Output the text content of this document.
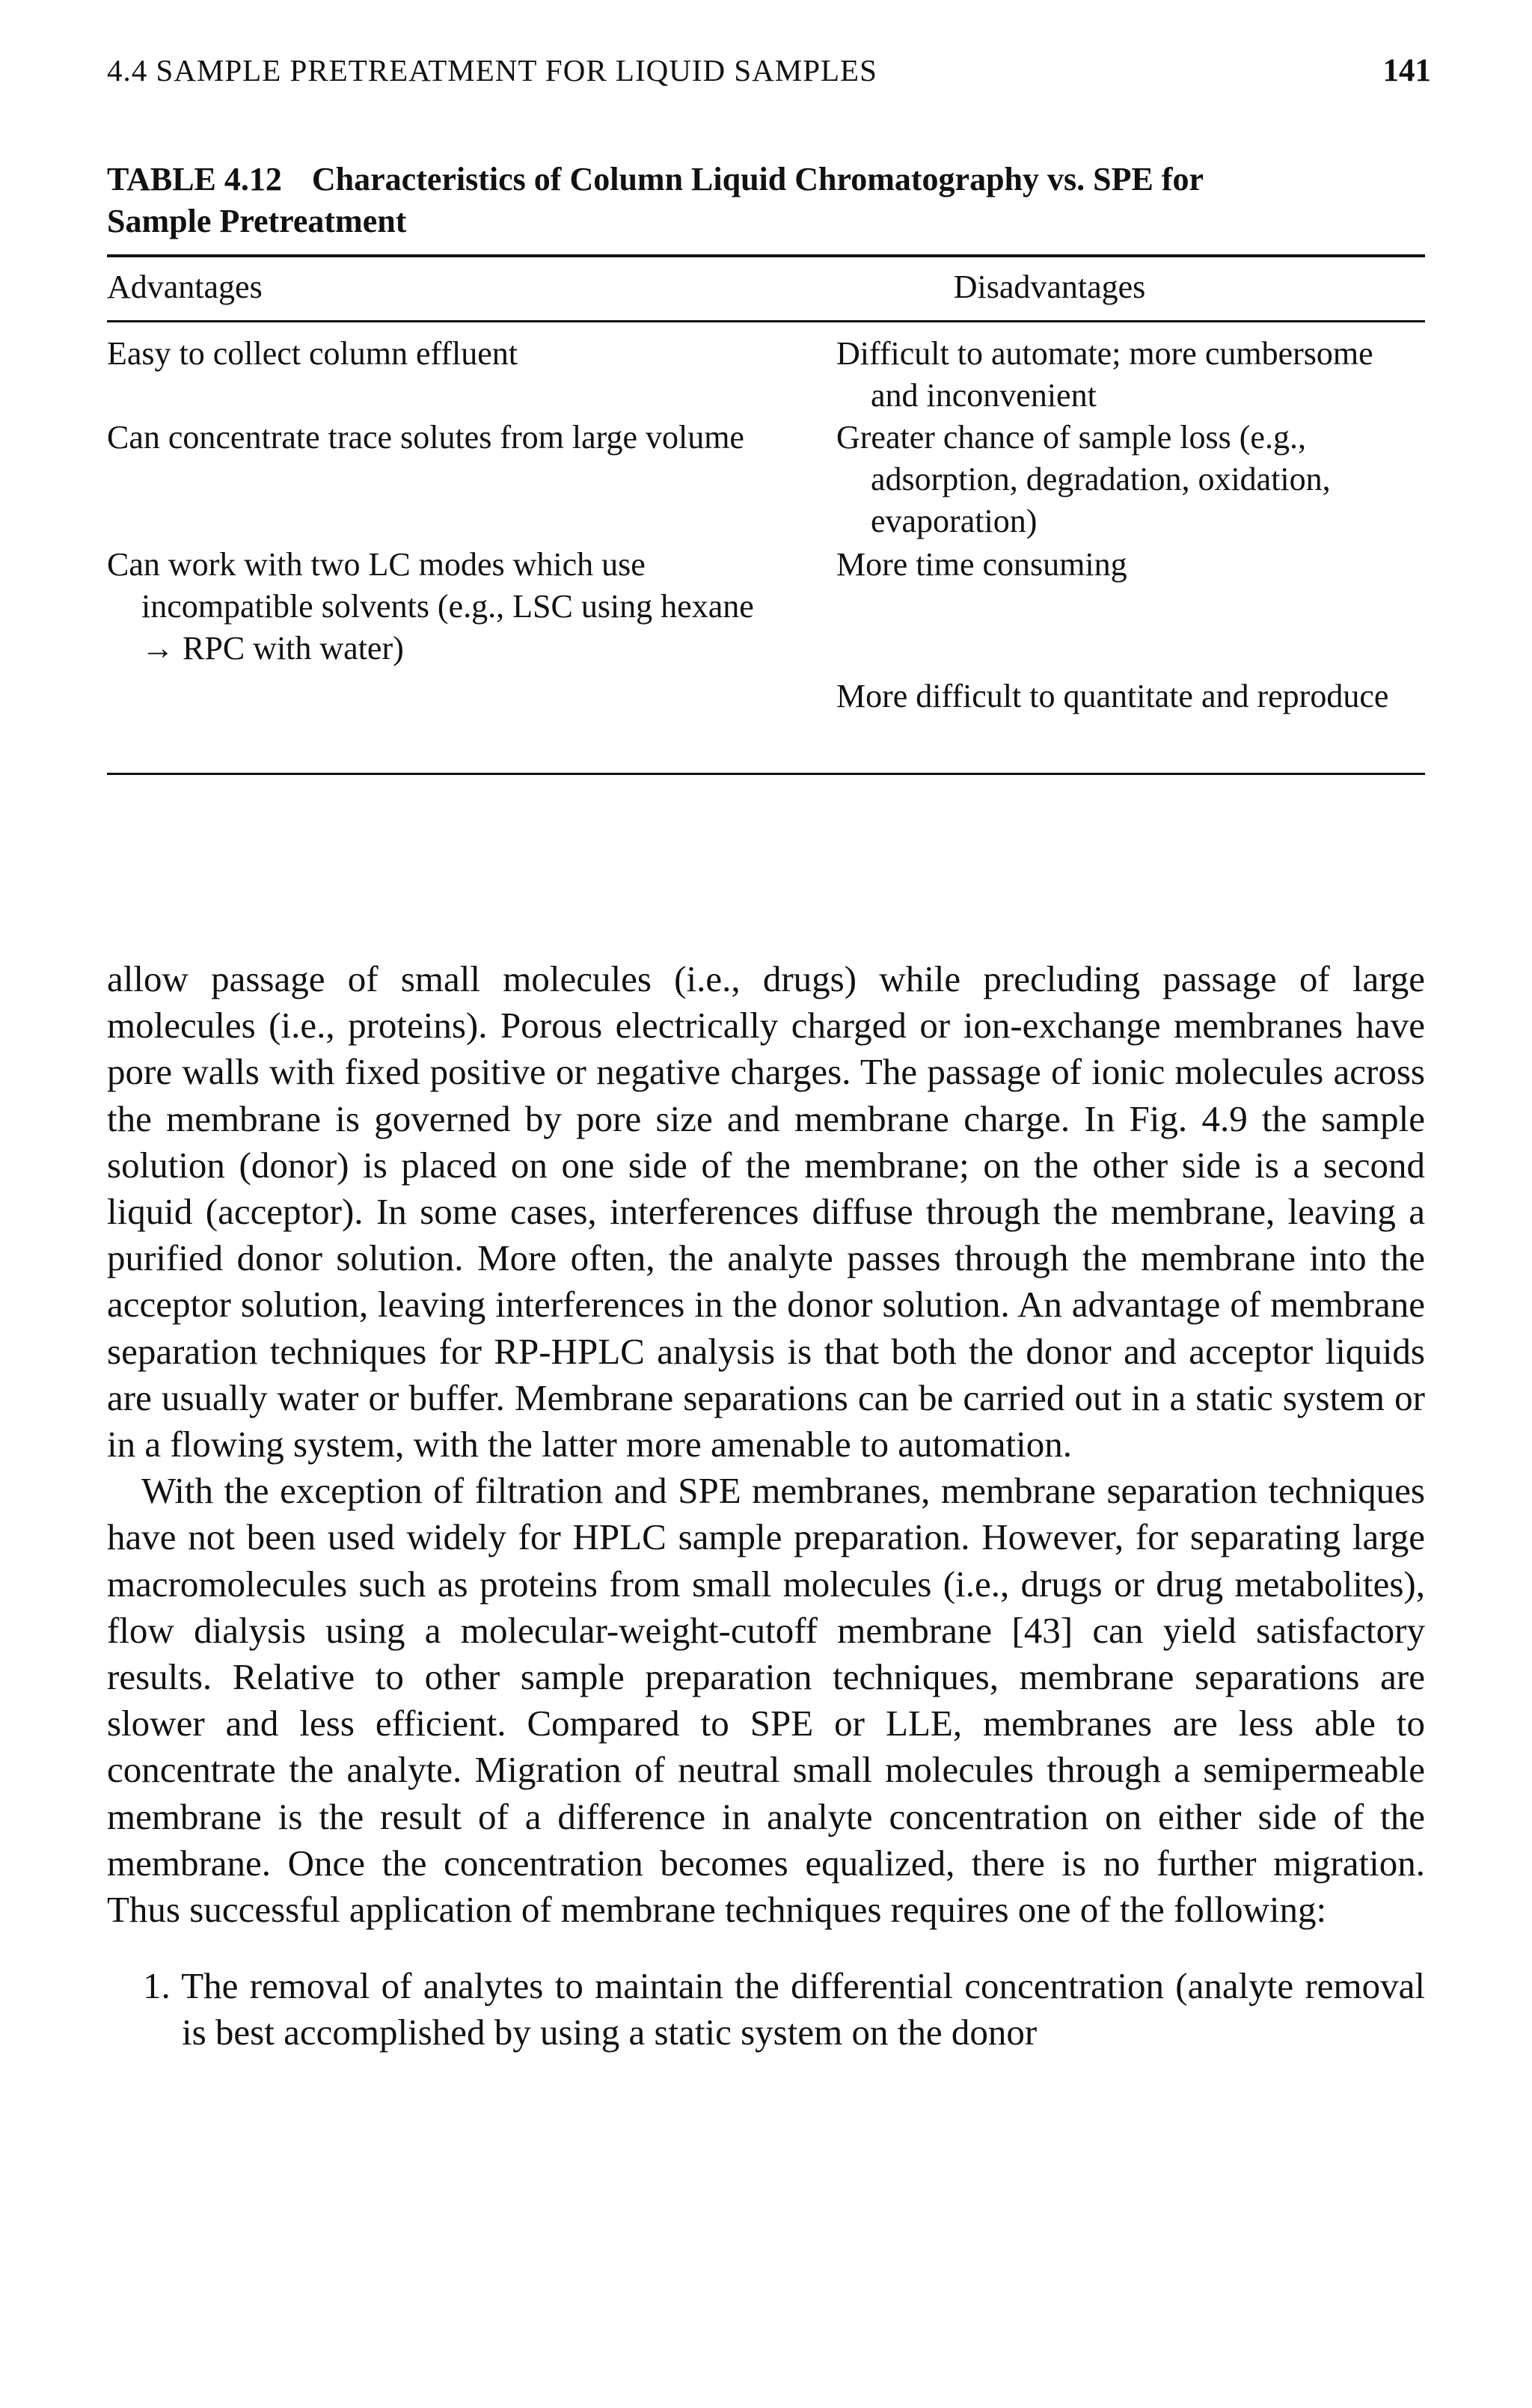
4.4 SAMPLE PRETREATMENT FOR LIQUID SAMPLES	141
TABLE 4.12 Characteristics of Column Liquid Chromatography vs. SPE for
Sample Pretreatment
Advantages	Disadvantages
Easy to collect column effluent
Can concentrate trace solutes from large volume
Can work with two LC modes which use incompatible solvents (e.g., LSC using hexane → RPC with water)
Difficult to automate; more cumbersome and inconvenient
Greater chance of sample loss (e.g., adsorption, degradation, oxidation, evaporation)
More time consuming
More difficult to quantitate and reproduce

allow passage of small molecules (i.e., drugs) while precluding passage of large molecules (i.e., proteins). Porous electrically charged or ion-exchange membranes have pore walls with fixed positive or negative charges. The passage of ionic molecules across the membrane is governed by pore size and membrane charge. In Fig. 4.9 the sample solution (donor) is placed on one side of the membrane; on the other side is a second liquid (acceptor). In some cases, interferences diffuse through the membrane, leaving a purified donor solution. More often, the analyte passes through the membrane into the acceptor solution, leaving interferences in the donor solution. An advantage of membrane separation techniques for RP-HPLC analysis is that both the donor and acceptor liquids are usually water or buffer. Membrane separations can be carried out in a static system or in a flowing system, with the latter more amenable to automation.

With the exception of filtration and SPE membranes, membrane separation techniques have not been used widely for HPLC sample preparation. However, for separating large macromolecules such as proteins from small molecules (i.e., drugs or drug metabolites), flow dialysis using a molecular-weight-cutoff membrane [43] can yield satisfactory results. Relative to other sample preparation techniques, membrane separations are slower and less efficient. Compared to SPE or LLE, membranes are less able to concentrate the analyte. Migration of neutral small molecules through a semipermeable membrane is the result of a difference in analyte concentration on either side of the membrane. Once the concentration becomes equalized, there is no further migration. Thus successful application of membrane techniques requires one of the following:

1. The removal of analytes to maintain the differential concentration (analyte removal is best accomplished by using a static system on the donor
